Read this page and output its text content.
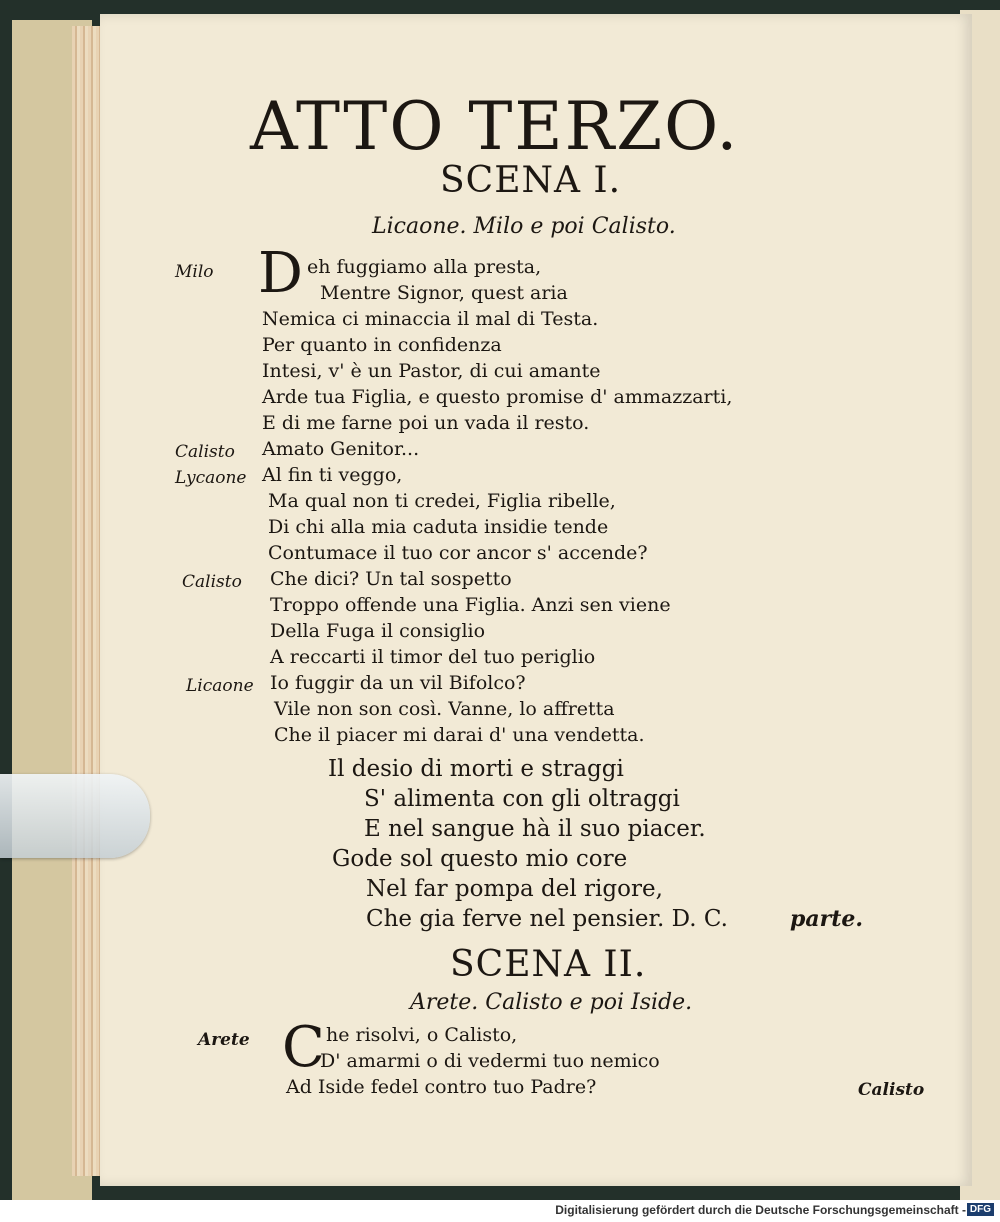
ATTO TERZO.
SCENA I.
Licaone. Milo e poi Calisto.
Milo D eh fuggiamo alla presta,
Mentre Signor, quest aria
Nemica ci minaccia il mal di Testa.
Per quanto in confidenza
Intesi, v' è un Pastor, di cui amante
Arde tua Figlia, e questo promise d' ammazzarti,
E di me farne poi un vada il resto.
Calisto Amato Genitor...
Lycaone Al fin ti veggo,
Ma qual non ti credei, Figlia ribelle,
Di chi alla mia caduta insidie tende
Contumace il tuo cor ancor s' accende?
Calisto Che dici? Un tal sospetto
Troppo offende una Figlia. Anzi sen viene
Della Fuga il consiglio
A reccarti il timor del tuo periglio
Licaone Io fuggir da un vil Bifolco?
Vile non son così. Vanne, lo affretta
Che il piacer mi darai d' una vendetta.
Il desio di morti e straggi
S' alimenta con gli oltraggi
E nel sangue hà il suo piacer.
Gode sol questo mio core
Nel far pompa del rigore,
Che gia ferve nel pensier. D. C.	parte.
SCENA II.
Arete. Calisto e poi Iside.
Arete C he risolvi, o Calisto,
D' amarmi o di vedermi tuo nemico
Ad Iside fedel contro tuo Padre?	Calisto
Digitalisierung gefördert durch die Deutsche Forschungsgemeinschaft - DFG
